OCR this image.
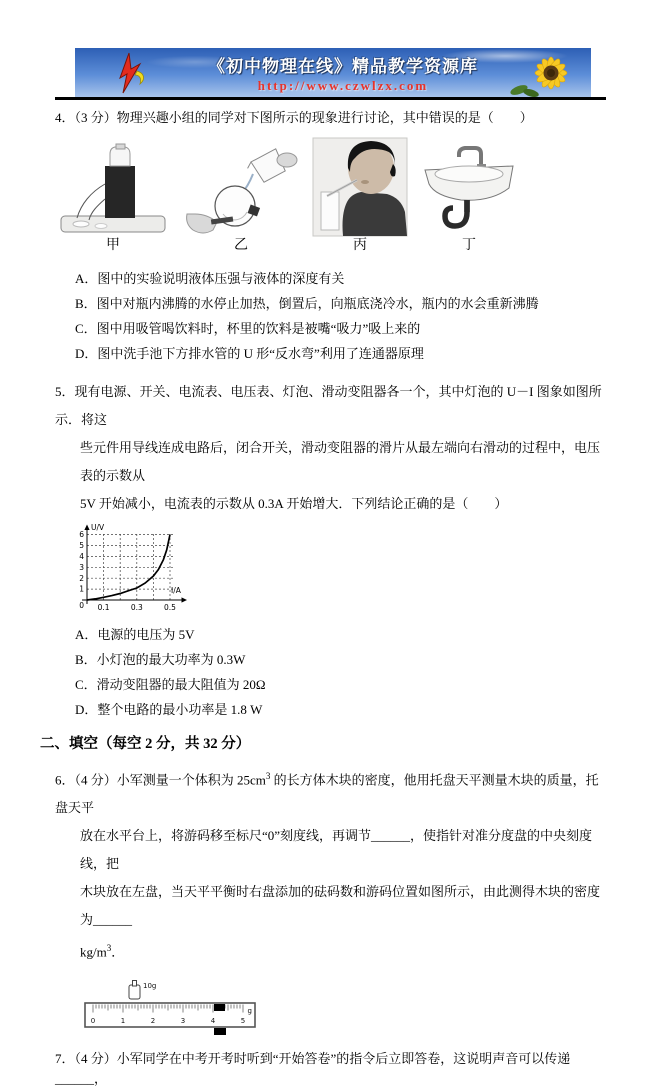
《初中物理在线》精品教学资源库
http://www.czwlzx.com
4．（3 分）物理兴趣小组的同学对下图所示的现象进行讨论，其中错误的是（　　）
甲	乙	丙	丁
A．图中的实验说明液体压强与液体的深度有关
B．图中对瓶内沸腾的水停止加热，倒置后，向瓶底浇冷水，瓶内的水会重新沸腾
C．图中用吸管喝饮料时，杯里的饮料是被嘴“吸力”吸上来的
D．图中洗手池下方排水管的 U 形“反水弯”利用了连通器原理
5．现有电源、开关、电流表、电压表、灯泡、滑动变阻器各一个，其中灯泡的 U－I 图象如图所示．将这
些元件用导线连成电路后，闭合开关，滑动变阻器的滑片从最左端向右滑动的过程中，电压表的示数从
5V 开始减小，电流表的示数从 0.3A 开始增大．下列结论正确的是（　　）
0
1
2
3
4
5
6
0.1	0.3	0.5
U/V
I/A
A．电源的电压为 5V
B．小灯泡的最大功率为 0.3W
C．滑动变阻器的最大阻值为 20Ω
D．整个电路的最小功率是 1.8 W
二、填空（每空 2 分，共 32 分）
6．（4 分）小军测量一个体积为 $25cm^3$ 的长方体木块的密度，他用托盘天平测量木块的质量，托盘天平
放在水平台上，将游码移至标尺“0”刻度线，再调节______，使指针对准分度盘的中央刻度线，把
木块放在左盘，当天平平衡时右盘添加的砝码数和游码位置如图所示，由此测得木块的密度为______
$kg/m^3$．
10g
0	1	2	3	4	5
g
7．（4 分）小军同学在中考开考时听到“开始答卷”的指令后立即答卷，这说明声音可以传递______，
